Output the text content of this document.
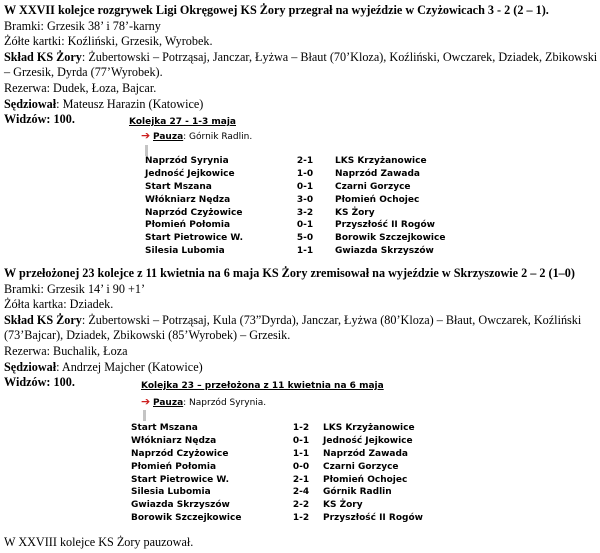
W XXVII kolejce rozgrywek Ligi Okręgowej KS Żory przegrał na wyjeździe w Czyżowicach 3 - 2 (2 – 1).

Bramki: Grzesik 38’ i 78’-karny

Żółte kartki: Koźliński, Grzesik, Wyrobek.

Skład KS Żory: Żubertowski – Potrząsaj, Janczar, Łyżwa – Błaut (70’Kloza), Koźliński, Owczarek, Dziadek, Zbikowski – Grzesik, Dyrda (77’Wyrobek).

Rezerwa: Dudek, Łoza, Bajcar.

Sędziował: Mateusz Harazin (Katowice)

Widzów: 100.	Kolejka 27 - 1-3 maja
➔ Pauza: Górnik Radlin.
Naprzód Syrynia	2-1	LKS Krzyżanowice
Jedność Jejkowice	1-0	Naprzód Zawada
Start Mszana	0-1	Czarni Gorzyce
Włókniarz Nędza	3-0	Płomień Ochojec
Naprzód Czyżowice	3-2	KS Żory
Płomień Połomia	0-1	Przyszłość II Rogów
Start Pietrowice W.	5-0	Borowik Szczejkowice
Silesia Lubomia	1-1	Gwiazda Skrzyszów

W przełożonej 23 kolejce z 11 kwietnia na 6 maja KS Żory zremisował na wyjeździe w Skrzyszowie 2 – 2 (1–0)

Bramki: Grzesik 14’ i 90 +1’

Żółta kartka: Dziadek.

Skład KS Żory: Żubertowski – Potrząsaj, Kula (73”Dyrda), Janczar, Łyżwa (80’Kloza) – Błaut, Owczarek, Koźliński (73’Bajcar), Dziadek, Zbikowski (85’Wyrobek) – Grzesik.

Rezerwa: Buchalik, Łoza

Sędziował: Andrzej Majcher (Katowice)

Widzów: 100.	Kolejka 23 – przełożona z 11 kwietnia na 6 maja
➔ Pauza: Naprzód Syrynia.
Start Mszana	1-2	LKS Krzyżanowice
Włókniarz Nędza	0-1	Jedność Jejkowice
Naprzód Czyżowice	1-1	Naprzód Zawada
Płomień Połomia	0-0	Czarni Gorzyce
Start Pietrowice W.	2-1	Płomień Ochojec
Silesia Lubomia	2-4	Górnik Radlin
Gwiazda Skrzyszów	2-2	KS Żory
Borowik Szczejkowice	1-2	Przyszłość II Rogów

W XXVIII kolejce KS Żory pauzował.
